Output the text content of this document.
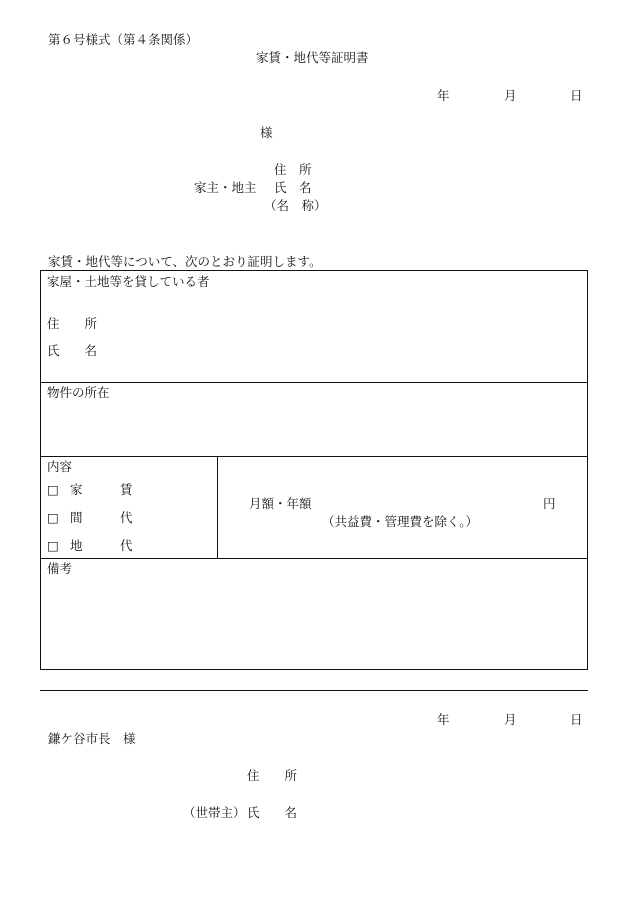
第６号様式（第４条関係）
家賃・地代等証明書
年	月	日
様
住　所
家主・地主 氏　名
（名　称）
家賃・地代等について、次のとおり証明します。
家屋・土地等を貸している者
住　　所
氏　　名
物件の所在
内容
□ 家　　　賃
□ 間　　　代
□ 地　　　代
月額・年額	円
（共益費・管理費を除く。）
備考
年	月	日
鎌ケ谷市長　様
住　　所
（世帯主） 氏　　名
